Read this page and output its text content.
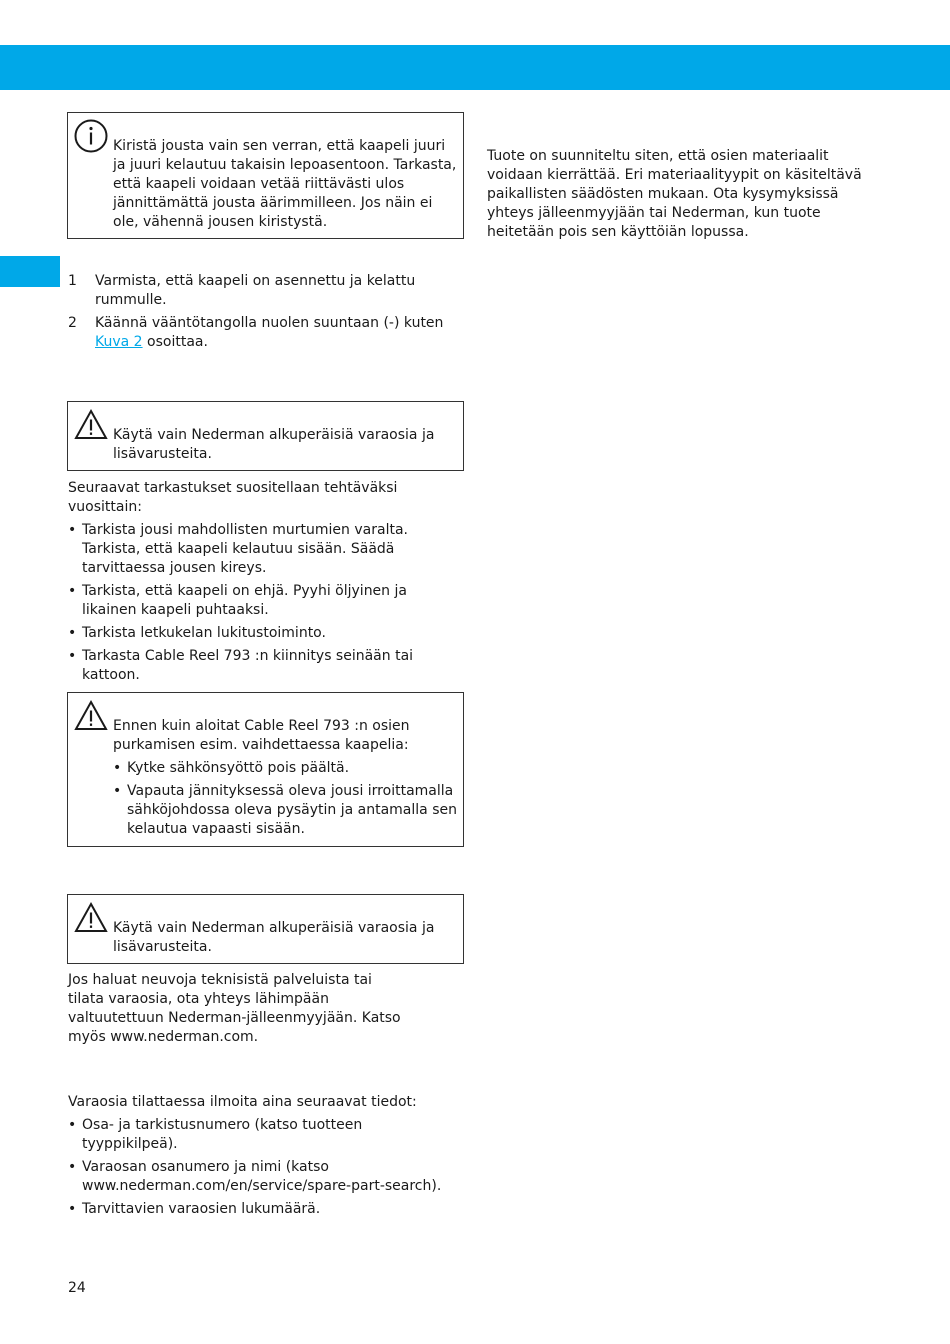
Kiristä jousta vain sen verran, että kaapeli juuri ja juuri kelautuu takaisin lepoasentoon. Tarkasta, että kaapeli voidaan vetää riittävästi ulos jännittämättä jousta äärimmilleen. Jos näin ei ole, vähennä jousen kiristystä.
1 Varmista, että kaapeli on asennettu ja kelattu rummulle.
2 Käännä vääntötangolla nuolen suuntaan (-) kuten Kuva 2 osoittaa.
Käytä vain Nederman alkuperäisiä varaosia ja lisävarusteita.

Seuraavat tarkastukset suositellaan tehtäväksi vuosittain:

• Tarkista jousi mahdollisten murtumien varalta. Tarkista, että kaapeli kelautuu sisään. Säädä tarvittaessa jousen kireys.
• Tarkista, että kaapeli on ehjä. Pyyhi öljyinen ja likainen kaapeli puhtaaksi.
• Tarkista letkukelan lukitustoiminto.
• Tarkasta Cable Reel 793 :n kiinnitys seinään tai kattoon.

Ennen kuin aloitat Cable Reel 793 :n osien purkamisen esim. vaihdettaessa kaapelia:

• Kytke sähkönsyöttö pois päältä.
• Vapauta jännityksessä oleva jousi irroittamalla sähköjohdossa oleva pysäytin ja antamalla sen kelautua vapaasti sisään.
Käytä vain Nederman alkuperäisiä varaosia ja lisävarusteita.

Jos haluat neuvoja teknisistä palveluista tai tilata varaosia, ota yhteys lähimpään valtuutettuun Nederman-jälleenmyyjään. Katso myös www.nederman.com.

Varaosia tilattaessa ilmoita aina seuraavat tiedot:

• Osa- ja tarkistusnumero (katso tuotteen tyyppikilpeä).
• Varaosan osanumero ja nimi (katso www.nederman.com/en/service/spare-part-search).
• Tarvittavien varaosien lukumäärä.

Tuote on suunniteltu siten, että osien materiaalit voidaan kierrättää. Eri materiaalityypit on käsiteltävä paikallisten säädösten mukaan. Ota kysymyksissä yhteys jälleenmyyjään tai Nederman, kun tuote heitetään pois sen käyttöiän lopussa.

24
